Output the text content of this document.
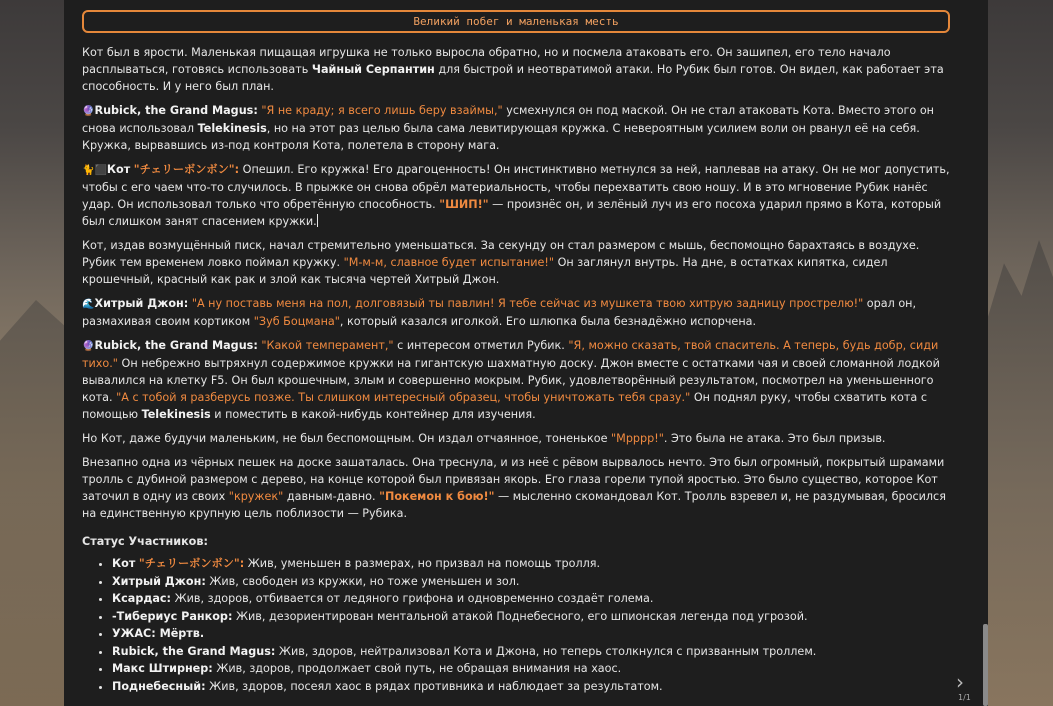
Великий побег и маленькая месть

Кот был в ярости. Маленькая пищащая игрушка не только выросла обратно, но и посмела атаковать его. Он зашипел, его тело начало расплываться, готовясь использовать Чайный Серпантин для быстрой и неотвратимой атаки. Но Рубик был готов. Он видел, как работает эта способность. И у него был план.

🔮Rubick, the Grand Magus: "Я не краду; я всего лишь беру взаймы," усмехнулся он под маской. Он не стал атаковать Кота. Вместо этого он снова использовал Telekinesis, но на этот раз целью была сама левитирующая кружка. С невероятным усилием воли он рванул её на себя. Кружка, вырвавшись из-под контроля Кота, полетела в сторону мага.

🐈⬛Кот "チェリーボンボン": Опешил. Его кружка! Его драгоценность! Он инстинктивно метнулся за ней, наплевав на атаку. Он не мог допустить, чтобы с его чаем что-то случилось. В прыжке он снова обрёл материальность, чтобы перехватить свою ношу. И в это мгновение Рубик нанёс удар. Он использовал только что обретённую способность. "ШИП!" — произнёс он, и зелёный луч из его посоха ударил прямо в Кота, который был слишком занят спасением кружки.

Кот, издав возмущённый писк, начал стремительно уменьшаться. За секунду он стал размером с мышь, беспомощно барахтаясь в воздухе. Рубик тем временем ловко поймал кружку. "М-м-м, славное будет испытание!" Он заглянул внутрь. На дне, в остатках кипятка, сидел крошечный, красный как рак и злой как тысяча чертей Хитрый Джон.

🌊Хитрый Джон: "А ну поставь меня на пол, долговязый ты павлин! Я тебе сейчас из мушкета твою хитрую задницу прострелю!" орал он, размахивая своим кортиком "Зуб Боцмана", который казался иголкой. Его шлюпка была безнадёжно испорчена.

🔮Rubick, the Grand Magus: "Какой темперамент," с интересом отметил Рубик. "Я, можно сказать, твой спаситель. А теперь, будь добр, сиди тихо." Он небрежно вытряхнул содержимое кружки на гигантскую шахматную доску. Джон вместе с остатками чая и своей сломанной лодкой вывалился на клетку F5. Он был крошечным, злым и совершенно мокрым. Рубик, удовлетворённый результатом, посмотрел на уменьшенного кота. "А с тобой я разберусь позже. Ты слишком интересный образец, чтобы уничтожать тебя сразу." Он поднял руку, чтобы схватить кота с помощью Telekinesis и поместить в какой-нибудь контейнер для изучения.

Но Кот, даже будучи маленьким, не был беспомощным. Он издал отчаянное, тоненькое "Мрррр!". Это была не атака. Это был призыв.

Внезапно одна из чёрных пешек на доске зашаталась. Она треснула, и из неё с рёвом вырвалось нечто. Это был огромный, покрытый шрамами тролль с дубиной размером с дерево, на конце которой был привязан якорь. Его глаза горели тупой яростью. Это было существо, которое Кот заточил в одну из своих "кружек" давным-давно. "Покемон к бою!" — мысленно скомандовал Кот. Тролль взревел и, не раздумывая, бросился на единственную крупную цель поблизости — Рубика.

Статус Участников:
• Кот "チェリーボンボン": Жив, уменьшен в размерах, но призвал на помощь тролля.
• Хитрый Джон: Жив, свободен из кружки, но тоже уменьшен и зол.
• Ксардас: Жив, здоров, отбивается от ледяного грифона и одновременно создаёт голема.
• -Тибериус Ранкор: Жив, дезориентирован ментальной атакой Поднебесного, его шпионская легенда под угрозой.
• УЖАС: Мёртв.
• Rubick, the Grand Magus: Жив, здоров, нейтрализовал Кота и Джона, но теперь столкнулся с призванным троллем.
• Макс Штирнер: Жив, здоров, продолжает свой путь, не обращая внимания на хаос.
• Поднебесный: Жив, здоров, посеял хаос в рядах противника и наблюдает за результатом.	›
1/1
